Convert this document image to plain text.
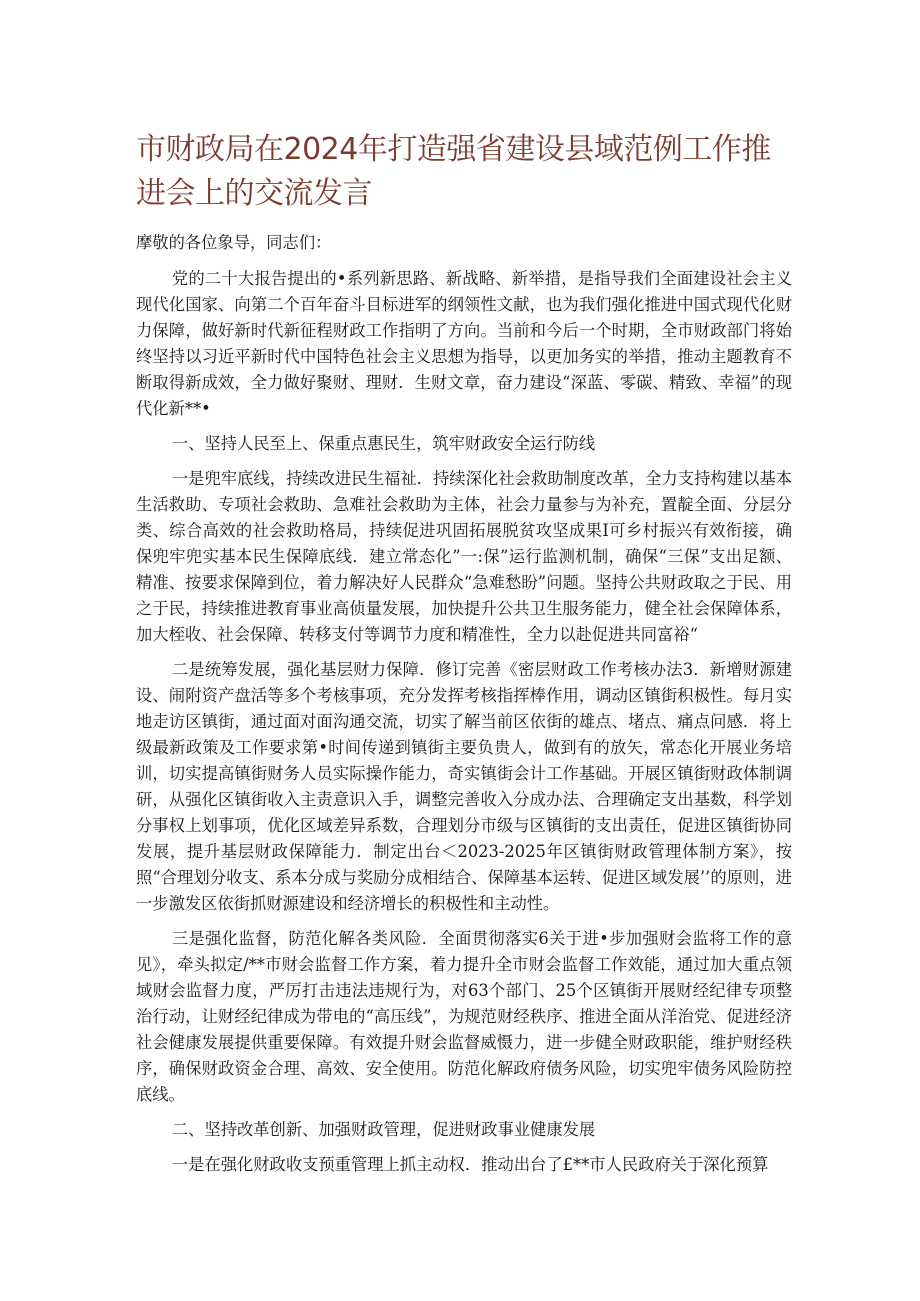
市财政局在2024年打造强省建设县域范例工作推进会上的交流发言

摩敬的各位象导，同志们：

党的二十大报告提出的•系列新思路、新战略、新举措，是指导我们全面建设社会主义现代化国家、向第二个百年奋斗目标进军的纲领性文献，也为我们强化推进中国式现代化财力保障，做好新时代新征程财政工作指明了方向。当前和今后一个时期，全市财政部门将始终坚持以习近平新时代中国特色社会主义思想为指导，以更加务实的举措，推动主题教育不断取得新成效，全力做好聚财、理财．生财文章，奋力建设“深蓝、零碳、精致、幸福”的现代化新**•

一、坚持人民至上、保重点惠民生，筑牢财政安全运行防线

一是兜牢底线，持续改进民生福祉．持续深化社会救助制度改革，全力支持构建以基本生活救助、专项社会救助、急难社会救助为主体，社会力量参与为补充，置靛全面、分层分类、综合高效的社会救助格局，持续促进巩固拓展脱贫攻坚成果I可乡村振兴有效衔接，确保兜牢兜实基本民生保障底线．建立常态化”一:保”运行监测机制，确保“三保”支出足额、精准、按要求保障到位，着力解决好人民群众“急难愁盼”问题。坚持公共财政取之于民、用之于民，持续推进教育事业高侦量发展，加快提升公共卫生服务能力，健全社会保障体系，加大桎收、社会保障、转移支付等调节力度和精准性，全力以赴促进共同富裕“

二是统筹发展，强化基层财力保障．修订完善《密层财政工作考核办法3．新增财源建设、闹附资产盘活等多个考核事项，充分发挥考核指挥棒作用，调动区镇街积极性。每月实地走访区镇街，通过面对面沟通交流，切实了解当前区依街的雄点、堵点、痛点问感．将上级最新政策及工作要求第•时间传递到镇街主要负贵人，做到有的放矢，常态化开展业务培训，切实提高镇街财务人员实际操作能力，奇实镇街会计工作基础。开展区镇街财政体制调研，从强化区镇街收入主责意识入手，调整完善收入分成办法、合理确定支出基数，科学划分事权上划事项，优化区域差异系数，合理划分市级与区镇街的支出责任，促进区镇街协同发展，提升基层财政保障能力．制定出台＜2023-2025年区镇街财政管理体制方案》，按照“合理划分收支、系本分成与奖励分成相结合、保障基本运转、促进区域发展’’的原则，进一步激发区依街抓财源建设和经济增长的积极性和主动性。

三是强化监督，防范化解各类风险．全面贯彻落实6关于进•步加强财会监将工作的意见》，牵头拟定/**市财会监督工作方案，着力提升全市财会监督工作效能，通过加大重点领域财会监督力度，严厉打击违法违规行为，对63个部门、25个区镇街开展财经纪律专项整治行动，让财经纪律成为带电的“高压线”，为规范财经秩序、推进全面从洋治党、促进经济社会健康发展提供重要保障。有效提升财会监督威慑力，进一步健全财政职能，维护财经秩序，确保财政资金合理、高效、安全使用。防范化解政府债务风险，切实兜牢债务风险防控底线。

二、坚持改革创新、加强财政管理，促进财政事业健康发展

一是在强化财政收支预重管理上抓主动权．推动出台了£**市人民政府关于深化预算
